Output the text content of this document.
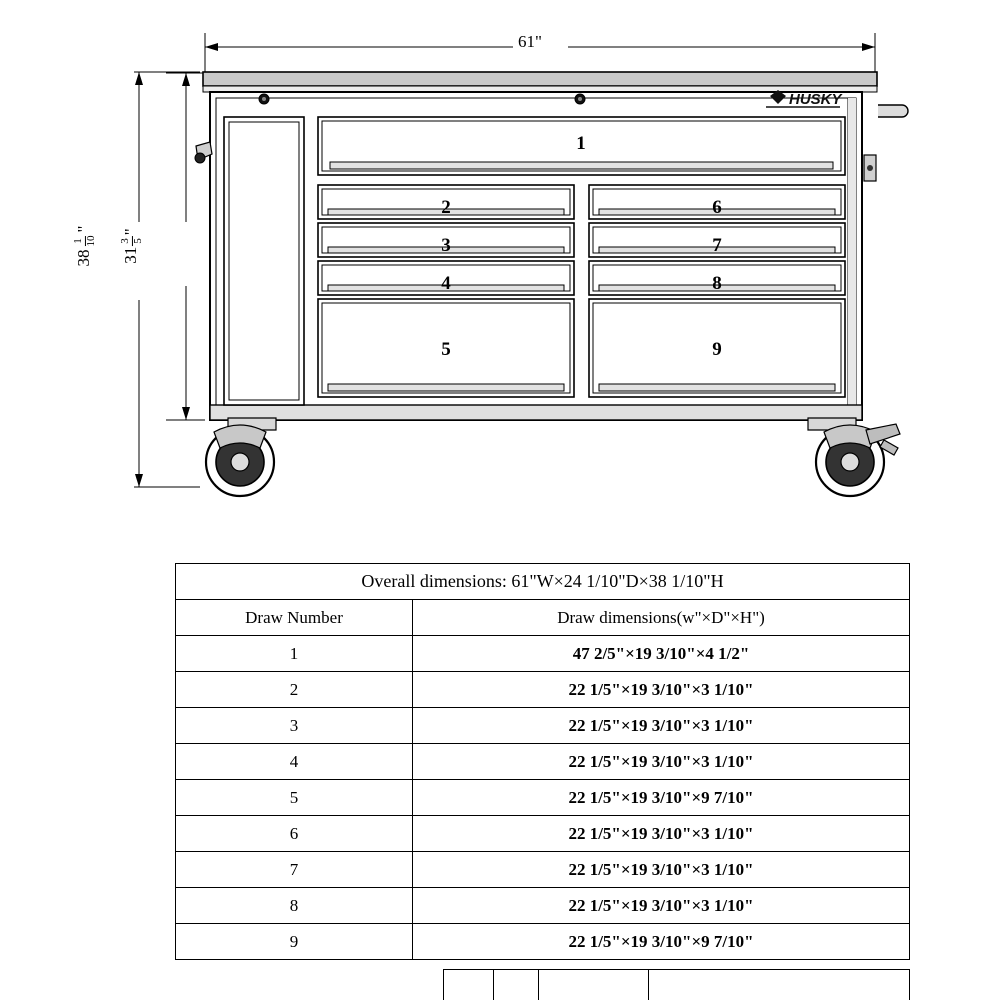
HUSKY
1
2
3
4
5
6
7
8
9
61"
38
1 10
"
31
3 5
"
Overall dimensions: 61"W×24 1/10"D×38 1/10"H	
Draw Number	Draw dimensions(w"×D"×H")
1	47 2/5"×19 3/10"×4 1/2"
2	22 1/5"×19 3/10"×3 1/10"
3	22 1/5"×19 3/10"×3 1/10"
4	22 1/5"×19 3/10"×3 1/10"
5	22 1/5"×19 3/10"×9 7/10"
6	22 1/5"×19 3/10"×3 1/10"
7	22 1/5"×19 3/10"×3 1/10"
8	22 1/5"×19 3/10"×3 1/10"
9	22 1/5"×19 3/10"×9 7/10"
